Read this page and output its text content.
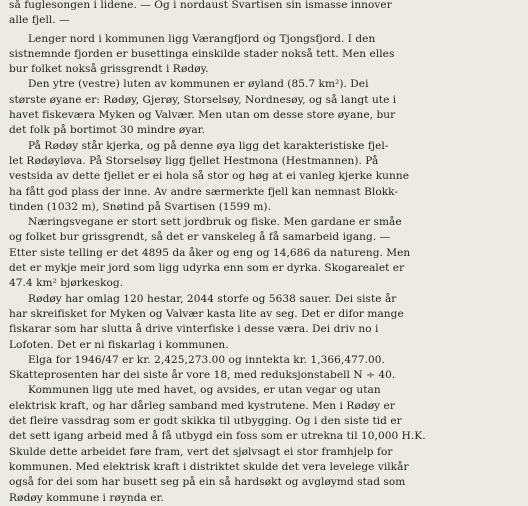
så fuglesongen i lidene. — Og i nordaust Svartisen sin ismasse innover
alle fjell. —
Lenger nord i kommunen ligg Værangfjord og Tjongsfjord. I den
sistnemnde fjorden er busettinga einskilde stader nokså tett. Men elles
bur folket nokså grissgrendt i Rødøy.
Den ytre (vestre) luten av kommunen er øyland (85.7 km²). Dei
største øyane er: Rødøy, Gjerøy, Storselsøy, Nordnesøy, og så langt ute i
havet fiskeværa Myken og Valvær. Men utan om desse store øyane, bur
det folk på bortimot 30 mindre øyar.
På Rødøy står kjerka, og på denne øya ligg det karakteristiske fjel-
let Rødøyløva. På Storselsøy ligg fjellet Hestmona (Hestmannen). På
vestsida av dette fjellet er ei hola så stor og høg at ei vanleg kjerke kunne
ha fått god plass der inne. Av andre særmerkte fjell kan nemnast Blokk-
tinden (1032 m), Snøtind på Svartisen (1599 m).
Næringsvegane er stort sett jordbruk og fiske. Men gardane er småe
og folket bur grissgrendt, så det er vanskeleg å få samarbeid igang. —
Etter siste telling er det 4895 da åker og eng og 14,686 da natureng. Men
det er mykje meir jord som ligg udyrka enn som er dyrka. Skogarealet er
47.4 km² bjørkeskog.
Rødøy har omlag 120 hestar, 2044 storfe og 5638 sauer. Dei siste år
har skreifisket for Myken og Valvær kasta lite av seg. Det er difor mange
fiskarar som har slutta å drive vinterfiske i desse væra. Dei driv no i
Lofoten. Det er ni fiskarlag i kommunen.
Elga for 1946/47 er kr. 2,425,273.00 og inntekta kr. 1,366,477.00.
Skatteprosenten har dei siste år vore 18, med reduksjonstabell N ÷ 40.
Kommunen ligg ute med havet, og avsides, er utan vegar og utan
elektrisk kraft, og har dårleg samband med kystrutene. Men i Rødøy er
det fleire vassdrag som er godt skikka til utbygging. Og i den siste tid er
det sett igang arbeid med å få utbygd ein foss som er utrekna til 10,000 H.K.
Skulde dette arbeidet føre fram, vert det sjølvsagt ei stor framhjelp for
kommunen. Med elektrisk kraft i distriktet skulde det vera levelege vilkår
også for dei som har busett seg på ein så hardsøkt og avgløymd stad som
Rødøy kommune i røynda er.
